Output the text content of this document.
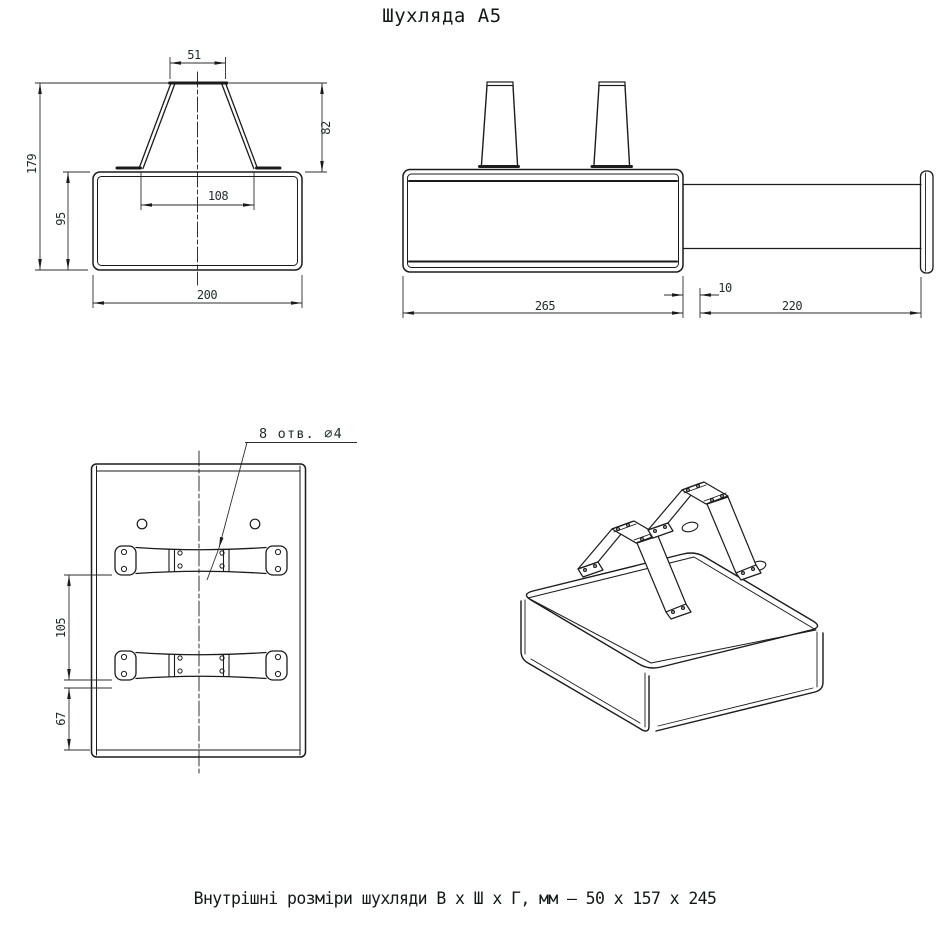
Шухляда А5
51
179
95
82
108
200
265
10
220
105
67
8 отв. ∅4
Внутрішні розміри шухляди В х Ш х Г, мм – 50 х 157 х 245
